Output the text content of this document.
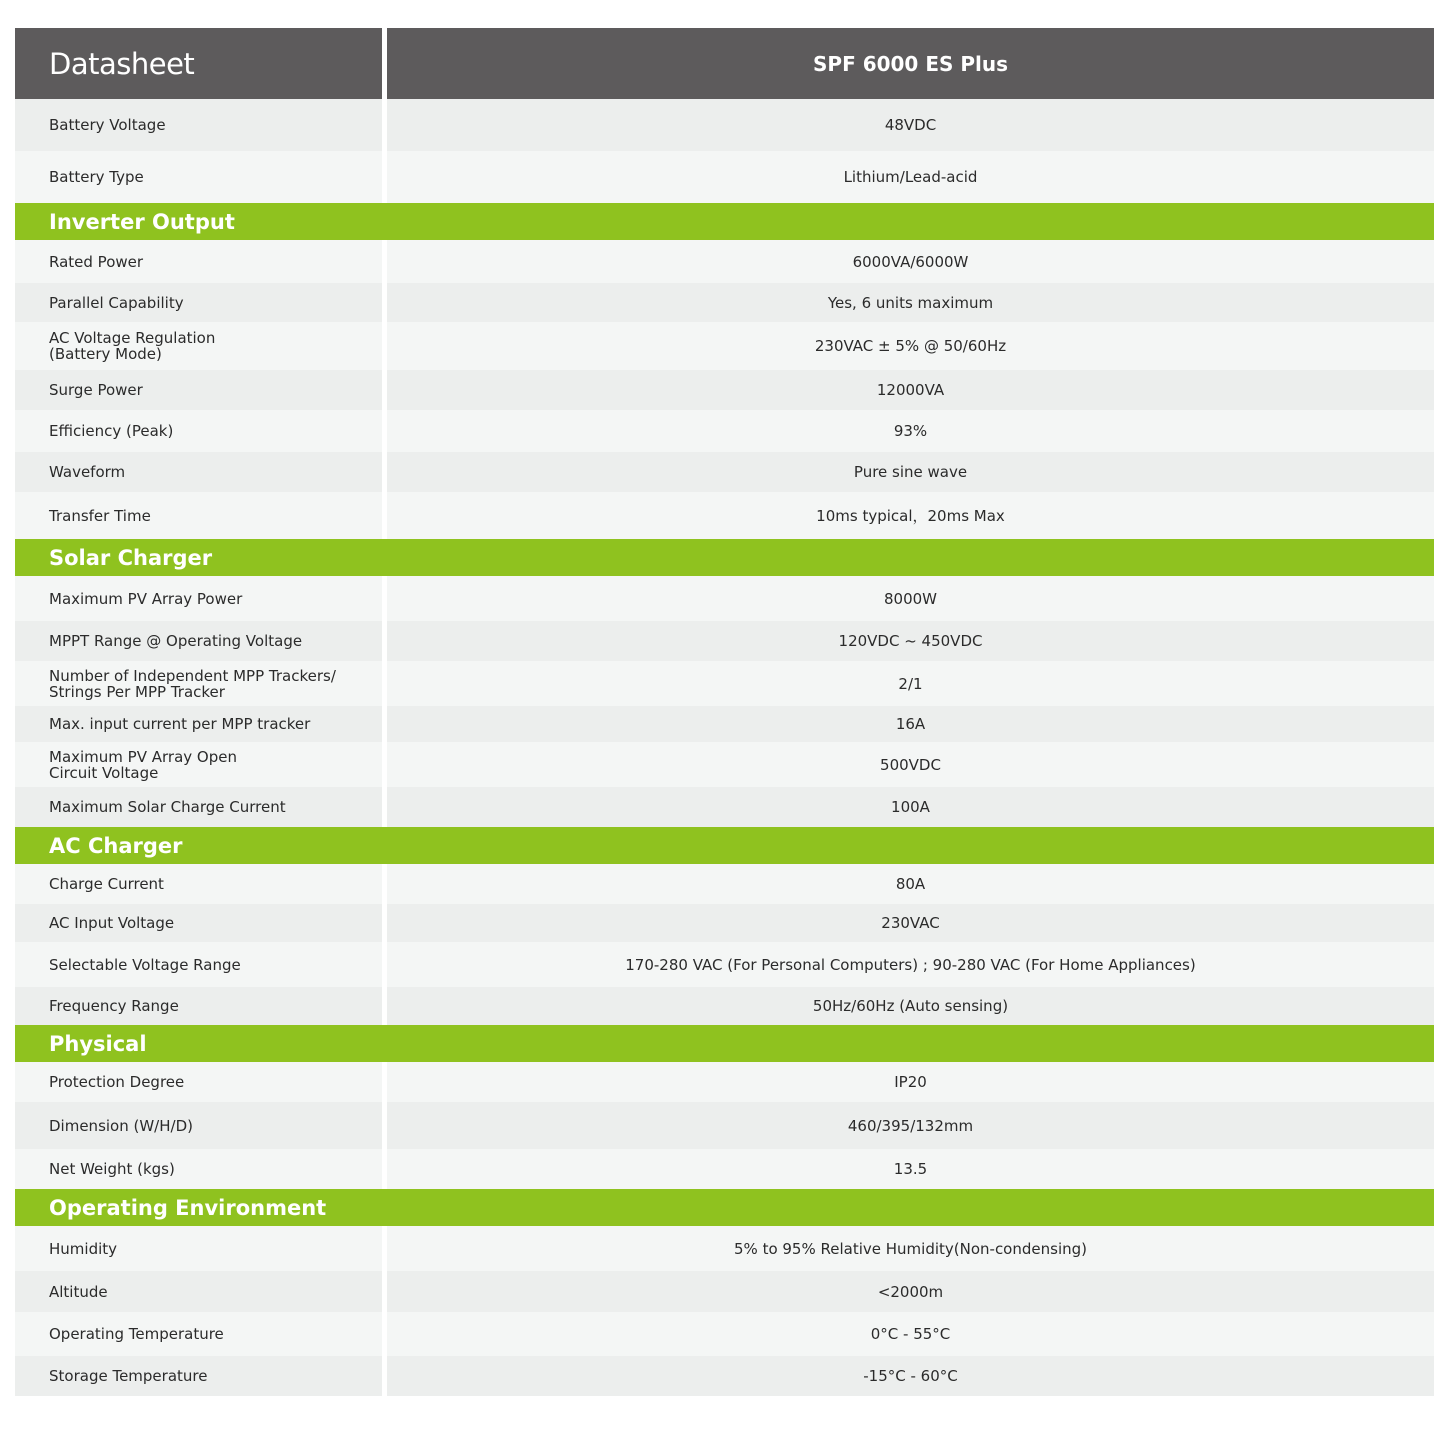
Datasheet	SPF 6000 ES Plus
Battery Voltage	48VDC
Battery Type	Lithium/Lead-acid
Inverter Output
Rated Power	6000VA/6000W
Parallel Capability	Yes, 6 units maximum
AC Voltage Regulation
(Battery Mode)	230VAC ± 5% @ 50/60Hz
Surge Power	12000VA
Efficiency (Peak)	93%
Waveform	Pure sine wave
Transfer Time	10ms typical，20ms Max
Solar Charger
Maximum PV Array Power	8000W
MPPT Range @ Operating Voltage	120VDC ~ 450VDC
Number of Independent MPP Trackers/
Strings Per MPP Tracker	2/1
Max. input current per MPP tracker	16A
Maximum PV Array Open
Circuit Voltage	500VDC
Maximum Solar Charge Current	100A
AC Charger
Charge Current	80A
AC Input Voltage	230VAC
Selectable Voltage Range	170-280 VAC (For Personal Computers) ; 90-280 VAC (For Home Appliances)
Frequency Range	50Hz/60Hz (Auto sensing)
Physical
Protection Degree	IP20
Dimension (W/H/D)	460/395/132mm
Net Weight (kgs)	13.5
Operating Environment
Humidity	5% to 95% Relative Humidity(Non-condensing)
Altitude	<2000m
Operating Temperature	0°C - 55°C
Storage Temperature	-15°C - 60°C
